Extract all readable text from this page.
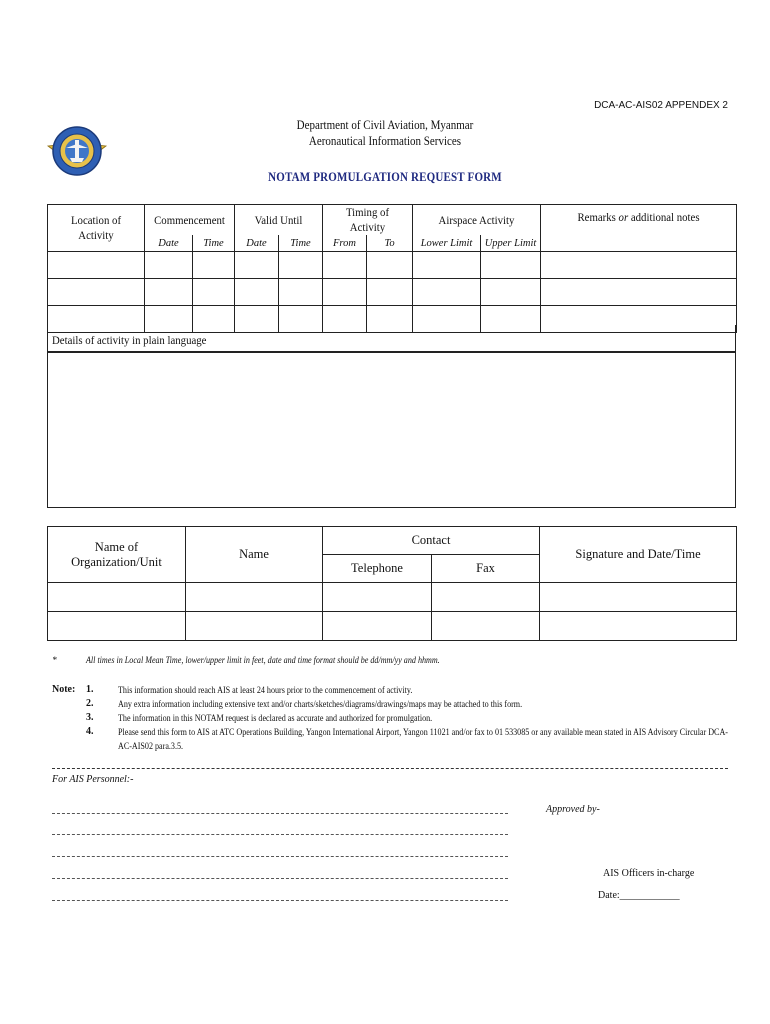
DCA-AC-AIS02 APPENDEX 2
Department of Civil Aviation, Myanmar
Aeronautical Information Services
NOTAM PROMULGATION REQUEST FORM
Location of Activity	Commencement		Valid Until		Timing of Activity		Airspace Activity		Remarks or additional notes

	Date	Time	Date	Time	From	To	Lower Limit	Upper Limit	

Details of activity in plain language
Name of Organization/Unit	Name	Contact		Signature and Date/Time

		Telephone	Fax	

*	All times in Local Mean Time, lower/upper limit in feet, date and time format should be dd/mm/yy and hhmm.
Note: 1.	This information should reach AIS at least 24 hours prior to the commencement of activity.
2.	Any extra information including extensive text and/or charts/sketches/diagrams/drawings/maps may be attached to this form.
3.	The information in this NOTAM request is declared as accurate and authorized for promulgation.
4.	Please send this form to AIS at ATC Operations Building, Yangon International Airport, Yangon 11021 and/or fax to 01 533085 or any available mean stated in AIS Advisory Circular DCA-AC-AIS02 para.3.5.
For AIS Personnel:-
Approved by-
AIS Officers in-charge
Date:____________
